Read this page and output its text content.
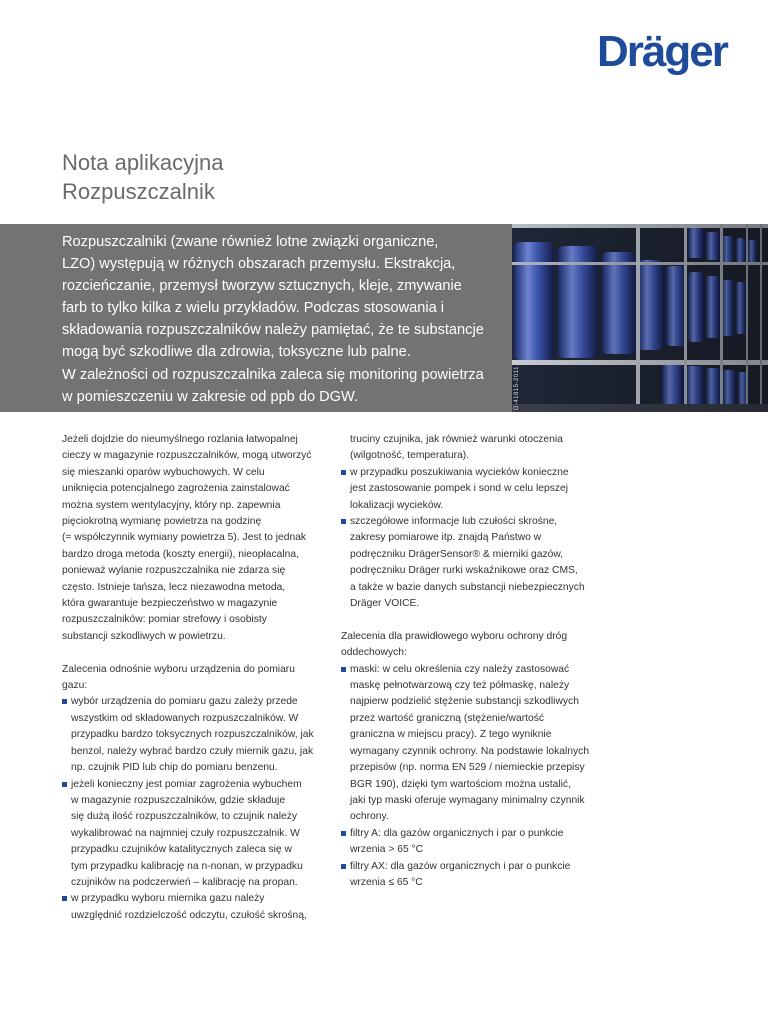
Dräger
Nota aplikacyjna
Rozpuszczalnik
Rozpuszczalniki (zwane również lotne związki organiczne,
LZO) występują w różnych obszarach przemysłu. Ekstrakcja,
rozcieńczanie, przemysł tworzyw sztucznych, kleje, zmywanie
farb to tylko kilka z wielu przykładów. Podczas stosowania i
składowania rozpuszczalników należy pamiętać, że te substancje
mogą być szkodliwe dla zdrowia, toksyczne lub palne.
W zależności od rozpuszczalnika zaleca się monitoring powietrza
w pomieszczeniu w zakresie od ppb do DGW.	D-41815-2011

Jeżeli dojdzie do nieumyślnego rozlania łatwopalnej

cieczy w magazynie rozpuszczalników, mogą utworzyć

się mieszanki oparów wybuchowych. W celu

uniknięcia potencjalnego zagrożenia zainstalować

można system wentylacyjny, który np. zapewnia

pięciokrotną wymianę powietrza na godzinę

(= współczynnik wymiany powietrza 5). Jest to jednak

bardzo droga metoda (koszty energii), nieopłacalna,

ponieważ wylanie rozpuszczalnika nie zdarza się

często. Istnieje tańsza, lecz niezawodna metoda,

która gwarantuje bezpieczeństwo w magazynie

rozpuszczalników: pomiar strefowy i osobisty

substancji szkodliwych w powietrzu.

Zalecenia odnośnie wyboru urządzenia do pomiaru

gazu:

wybór urządzenia do pomiaru gazu zależy przede

wszystkim od składowanych rozpuszczalników. W

przypadku bardzo toksycznych rozpuszczalników, jak

benzol, należy wybrać bardzo czuły miernik gazu, jak

np. czujnik PID lub chip do pomiaru benzenu.

jeżeli konieczny jest pomiar zagrożenia wybuchem

w magazynie rozpuszczalników, gdzie składuje

się dużą ilość rozpuszczalników, to czujnik należy

wykalibrować na najmniej czuły rozpuszczalnik. W

przypadku czujników katalitycznych zaleca się w

tym przypadku kalibrację na n-nonan, w przypadku

czujników na podczerwień – kalibrację na propan.

w przypadku wyboru miernika gazu należy

uwzględnić rozdzielczość odczytu, czułość skrośną,

truciny czujnika, jak również warunki otoczenia

(wilgotność, temperatura).

w przypadku poszukiwania wycieków konieczne

jest zastosowanie pompek i sond w celu lepszej

lokalizacji wycieków.

szczegółowe informacje lub czułości skrośne,

zakresy pomiarowe itp. znajdą Państwo w

podręczniku DrägerSensor® & mierniki gazów,

podręczniku Dräger rurki wskaźnikowe oraz CMS,

a także w bazie danych substancji niebezpiecznych

Dräger VOICE.

Zalecenia dla prawidłowego wyboru ochrony dróg

oddechowych:

maski: w celu określenia czy należy zastosować

maskę pełnotwarzową czy też półmaskę, należy

najpierw podzielić stężenie substancji szkodliwych

przez wartość graniczną (stężenie/wartość

graniczna w miejscu pracy). Z tego wyniknie

wymagany czynnik ochrony. Na podstawie lokalnych

przepisów (np. norma EN 529 / niemieckie przepisy

BGR 190), dzięki tym wartościom można ustalić,

jaki typ maski oferuje wymagany minimalny czynnik

ochrony.

filtry A: dla gazów organicznych i par o punkcie

wrzenia > 65 °C

filtry AX: dla gazów organicznych i par o punkcie

wrzenia ≤ 65 °C
